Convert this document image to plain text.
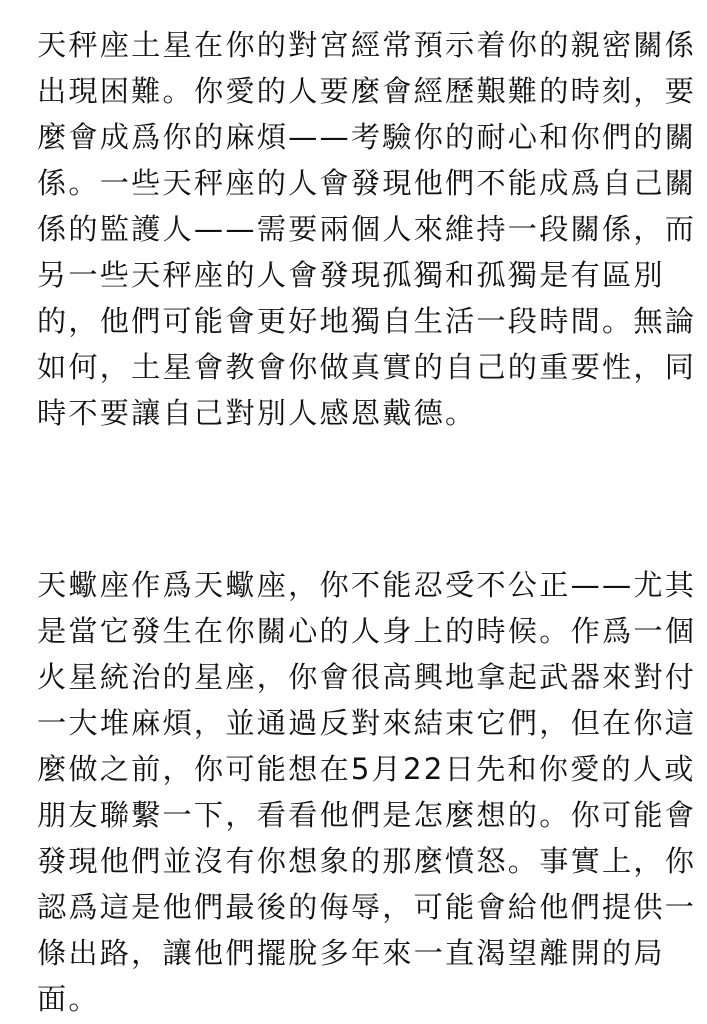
天秤座土星在你的對宮經常預示着你的親密關係
出現困難。你愛的人要麼會經歷艱難的時刻，要
麼會成爲你的麻煩——考驗你的耐心和你們的關
係。一些天秤座的人會發現他們不能成爲自己關
係的監護人——需要兩個人來維持一段關係，而
另一些天秤座的人會發現孤獨和孤獨是有區別
的，他們可能會更好地獨自生活一段時間。無論
如何，土星會教會你做真實的自己的重要性，同
時不要讓自己對別人感恩戴德。

天蠍座作爲天蠍座，你不能忍受不公正——尤其
是當它發生在你關心的人身上的時候。作爲一個
火星統治的星座，你會很高興地拿起武器來對付
一大堆麻煩，並通過反對來結束它們，但在你這
麼做之前，你可能想在5月22日先和你愛的人或
朋友聯繫一下，看看他們是怎麼想的。你可能會
發現他們並沒有你想象的那麼憤怒。事實上，你
認爲這是他們最後的侮辱，可能會給他們提供一
條出路，讓他們擺脫多年來一直渴望離開的局
面。
